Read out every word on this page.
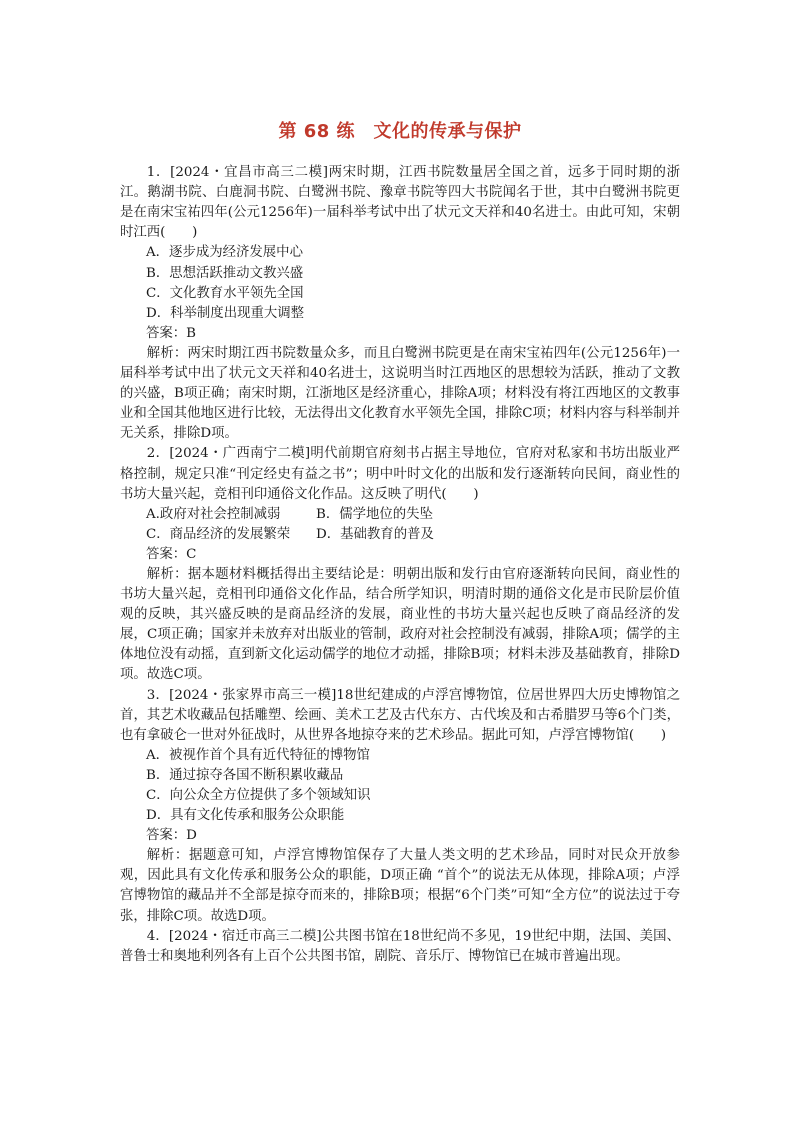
第 68 练　文化的传承与保护

1．[2024・宜昌市高三二模]两宋时期，江西书院数量居全国之首，远多于同时期的浙江。鹅湖书院、白鹿洞书院、白鹭洲书院、豫章书院等四大书院闻名于世，其中白鹭洲书院更是在南宋宝祐四年(公元1256年)一届科举考试中出了状元文天祥和40名进士。由此可知，宋朝时江西(　　)

A．逐步成为经济发展中心

B．思想活跃推动文教兴盛

C．文化教育水平领先全国

D．科举制度出现重大调整

答案：B

解析：两宋时期江西书院数量众多，而且白鹭洲书院更是在南宋宝祐四年(公元1256年)一届科举考试中出了状元文天祥和40名进士，这说明当时江西地区的思想较为活跃，推动了文教的兴盛，B项正确；南宋时期，江浙地区是经济重心，排除A项；材料没有将江西地区的文教事业和全国其他地区进行比较，无法得出文化教育水平领先全国，排除C项；材料内容与科举制并无关系，排除D项。

2．[2024・广西南宁二模]明代前期官府刻书占据主导地位，官府对私家和书坊出版业严格控制，规定只准“刊定经史有益之书”；明中叶时文化的出版和发行逐渐转向民间，商业性的书坊大量兴起，竞相刊印通俗文化作品。这反映了明代(　　)

A.政府对社会控制减弱	B．儒学地位的失坠

C．商品经济的发展繁荣 D．基础教育的普及

答案：C

解析：据本题材料概括得出主要结论是：明朝出版和发行由官府逐渐转向民间，商业性的书坊大量兴起，竞相刊印通俗文化作品，结合所学知识，明清时期的通俗文化是市民阶层价值观的反映，其兴盛反映的是商品经济的发展，商业性的书坊大量兴起也反映了商品经济的发展，C项正确；国家并未放弃对出版业的管制，政府对社会控制没有减弱，排除A项；儒学的主体地位没有动摇，直到新文化运动儒学的地位才动摇，排除B项；材料未涉及基础教育，排除D项。故选C项。

3．[2024・张家界市高三一模]18世纪建成的卢浮宫博物馆，位居世界四大历史博物馆之首，其艺术收藏品包括雕塑、绘画、美术工艺及古代东方、古代埃及和古希腊罗马等6个门类，也有拿破仑一世对外征战时，从世界各地掠夺来的艺术珍品。据此可知，卢浮宫博物馆(　　)

A．被视作首个具有近代特征的博物馆

B．通过掠夺各国不断积累收藏品

C．向公众全方位提供了多个领域知识

D．具有文化传承和服务公众职能

答案：D

解析：据题意可知，卢浮宫博物馆保存了大量人类文明的艺术珍品，同时对民众开放参观，因此具有文化传承和服务公众的职能，D项正确 “首个”的说法无从体现，排除A项；卢浮宫博物馆的藏品并不全部是掠夺而来的，排除B项；根据“6个门类”可知“全方位”的说法过于夸张，排除C项。故选D项。

4．[2024・宿迁市高三二模]公共图书馆在18世纪尚不多见，19世纪中期，法国、美国、普鲁士和奥地利列各有上百个公共图书馆，剧院、音乐厅、博物馆已在城市普遍出现。
